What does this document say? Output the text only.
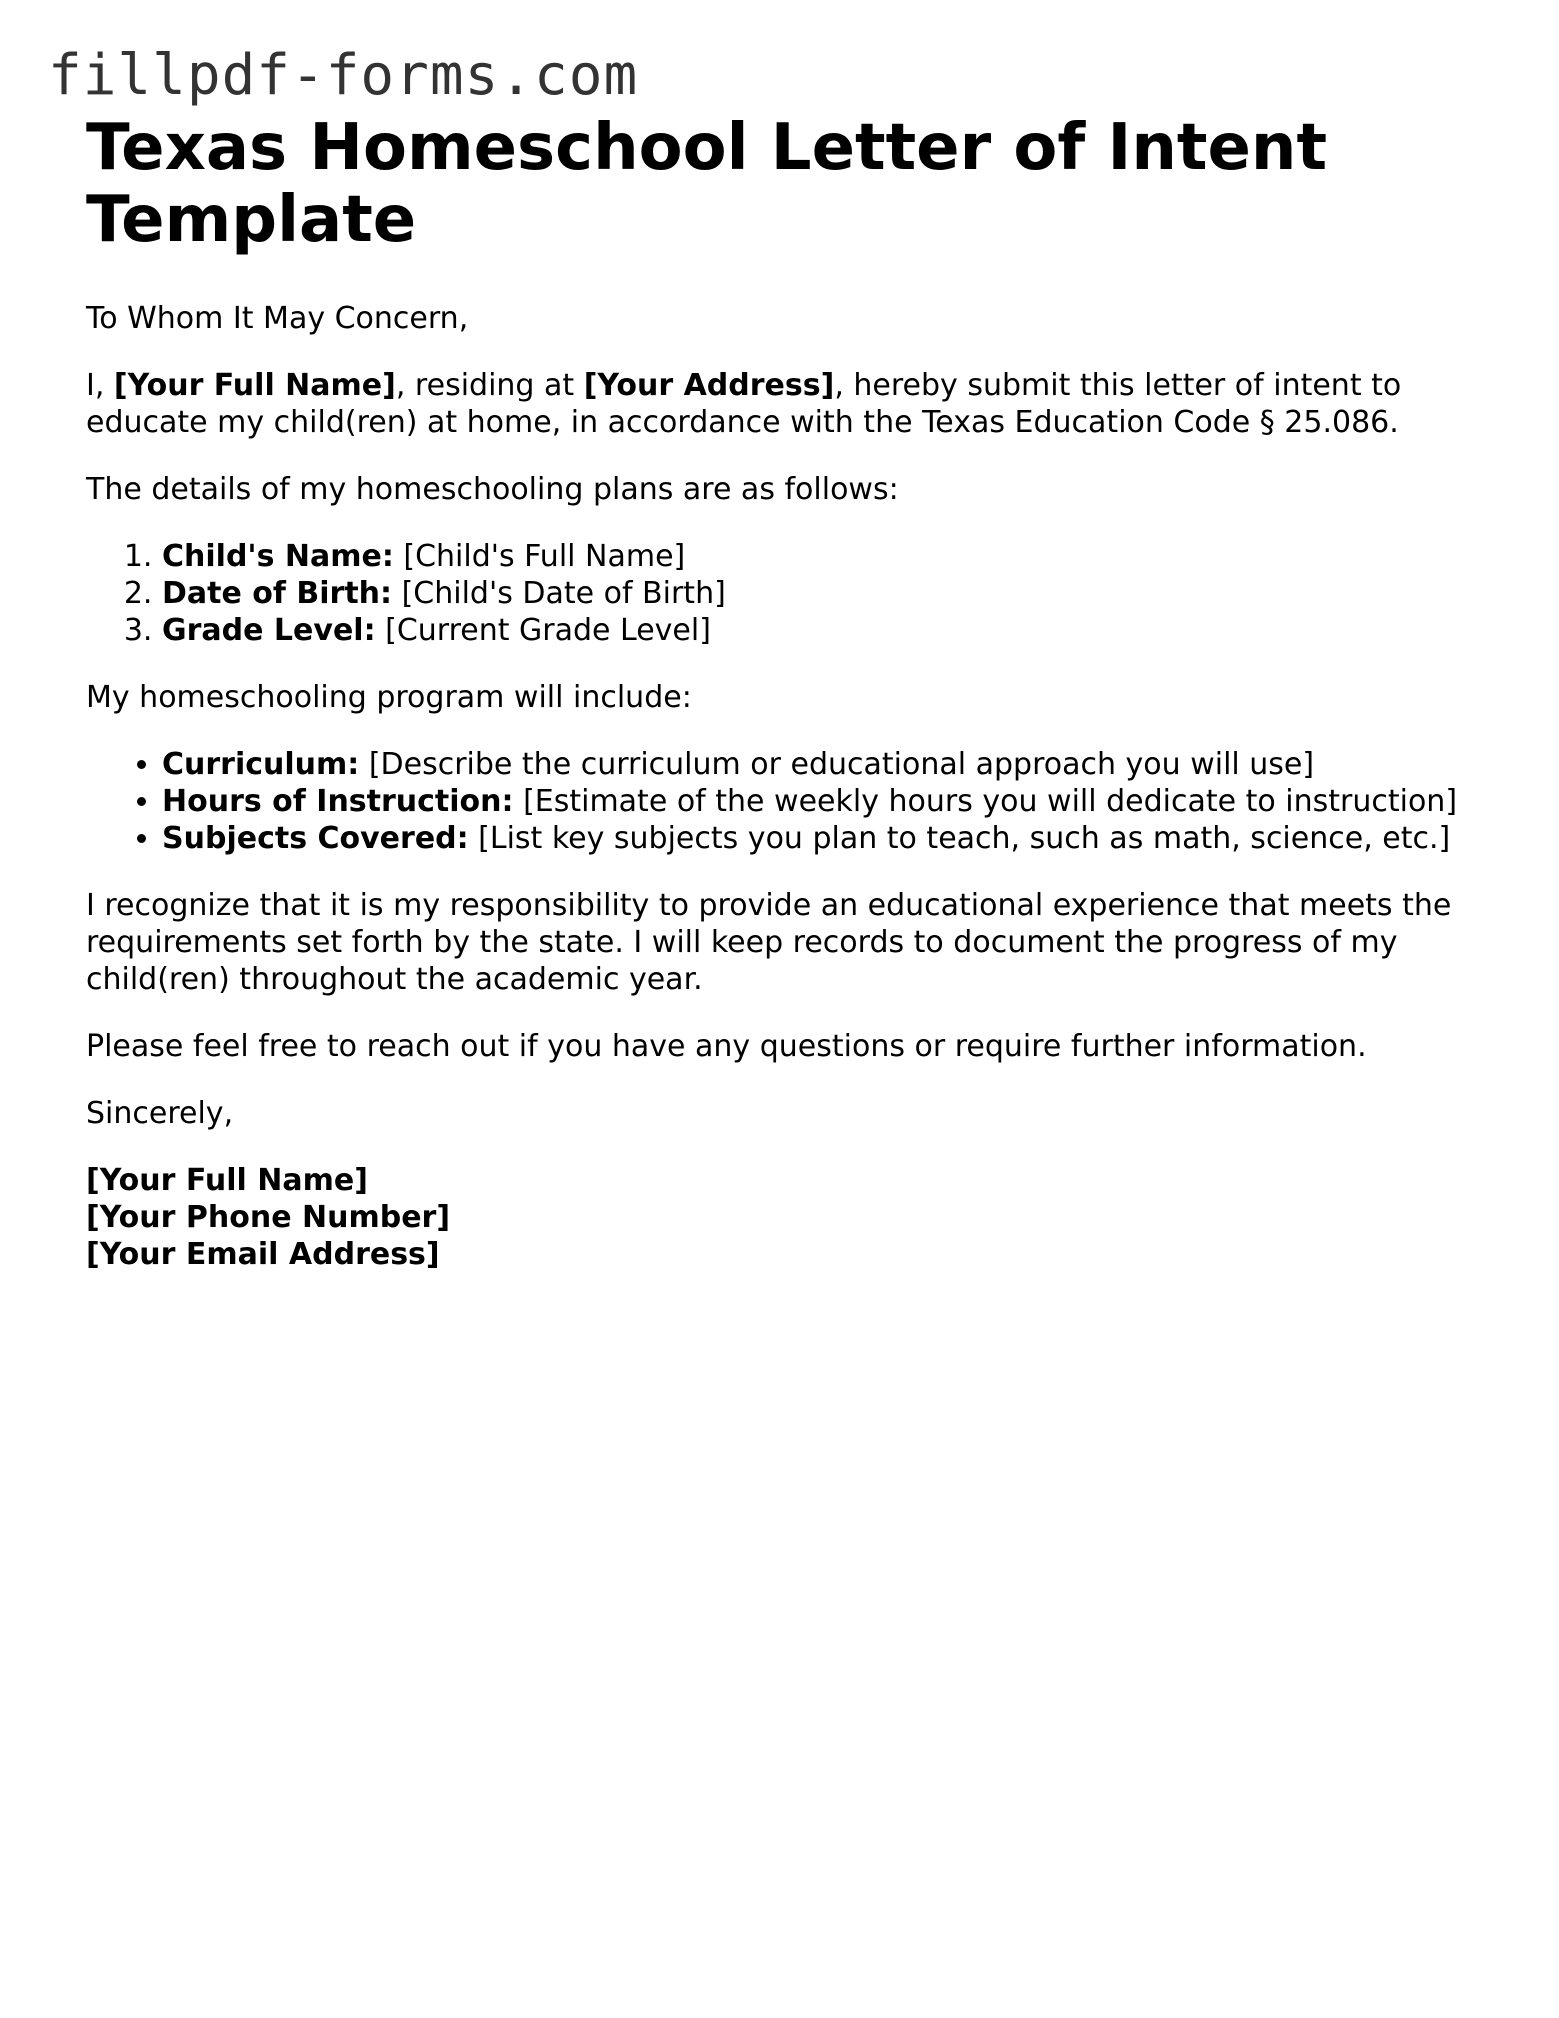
fillpdf-forms.com
Texas Homeschool Letter of Intent Template

To Whom It May Concern,

I, [Your Full Name], residing at [Your Address], hereby submit this letter of intent to educate my child(ren) at home, in accordance with the Texas Education Code § 25.086.

The details of my homeschooling plans are as follows:

1. Child's Name: [Child's Full Name]
2. Date of Birth: [Child's Date of Birth]
3. Grade Level: [Current Grade Level]

My homeschooling program will include:

• Curriculum: [Describe the curriculum or educational approach you will use]
• Hours of Instruction: [Estimate of the weekly hours you will dedicate to instruction]
• Subjects Covered: [List key subjects you plan to teach, such as math, science, etc.]

I recognize that it is my responsibility to provide an educational experience that meets the requirements set forth by the state. I will keep records to document the progress of my child(ren) throughout the academic year.

Please feel free to reach out if you have any questions or require further information.

Sincerely,

[Your Full Name]
[Your Phone Number]
[Your Email Address]
